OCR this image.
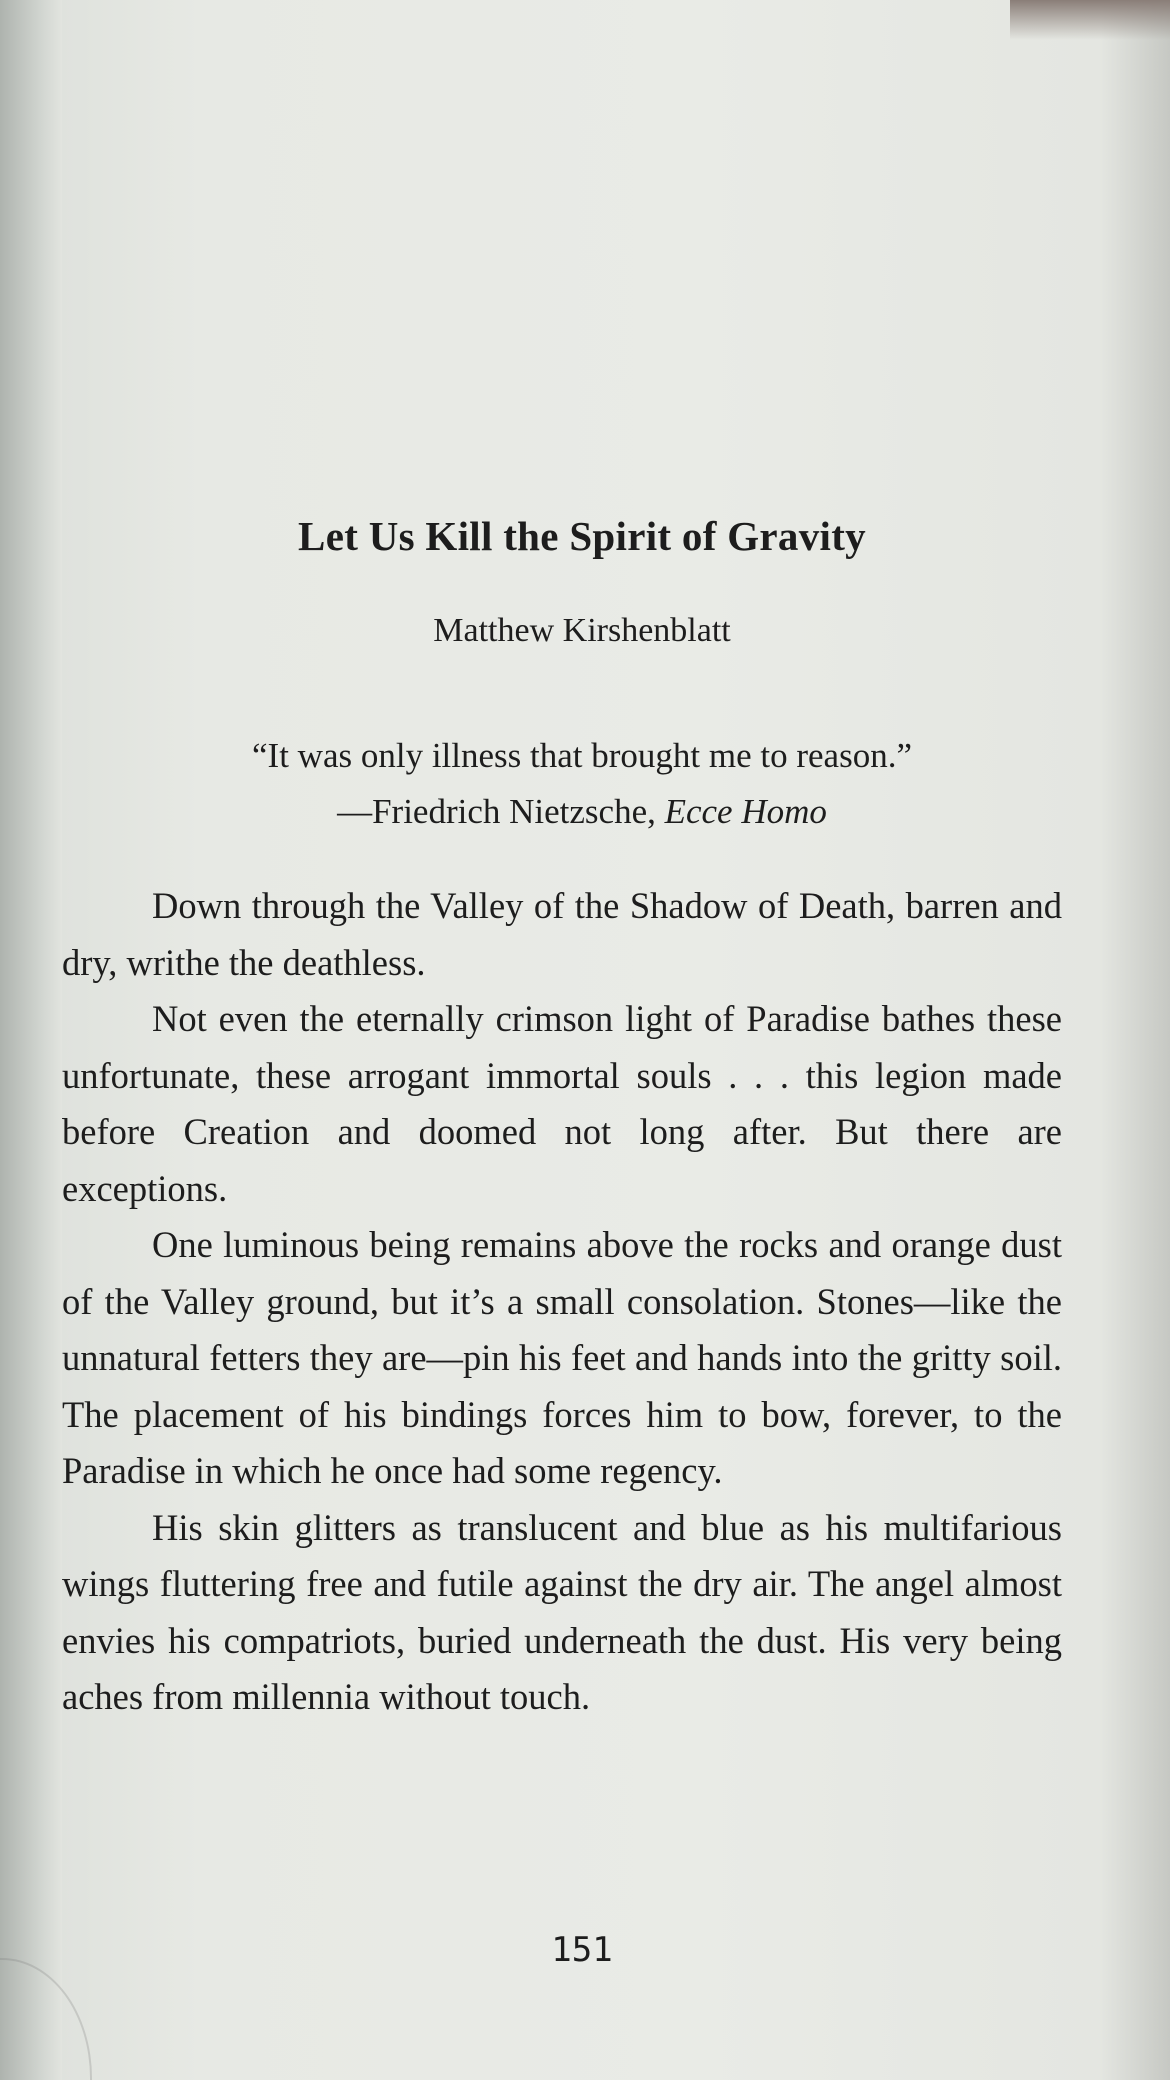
Let Us Kill the Spirit of Gravity
Matthew Kirshenblatt
“It was only illness that brought me to reason.”
—Friedrich Nietzsche, Ecce Homo

Down through the Valley of the Shadow of Death, barren and dry, writhe the deathless.

Not even the eternally crimson light of Paradise bathes these unfortunate, these arrogant immortal souls . . . this legion made before Creation and doomed not long after. But there are exceptions.

One luminous being remains above the rocks and orange dust of the Valley ground, but it’s a small consolation. Stones—like the unnatural fetters they are—pin his feet and hands into the gritty soil. The placement of his bindings forces him to bow, forever, to the Paradise in which he once had some regency.

His skin glitters as translucent and blue as his multifarious wings fluttering free and futile against the dry air. The angel almost envies his compatriots, buried underneath the dust. His very being aches from millennia without touch.

151
